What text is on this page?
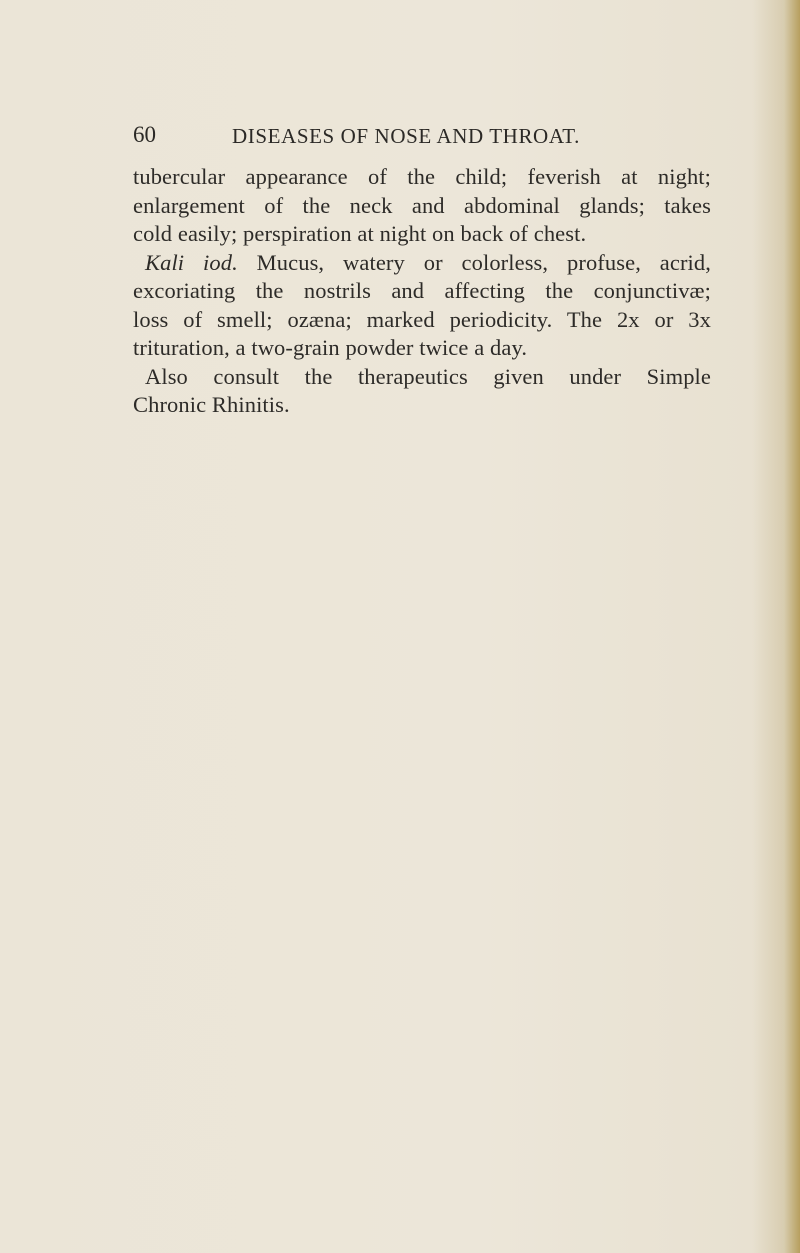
60	DISEASES OF NOSE AND THROAT.
tubercular appearance of the child; feverish at night;
enlargement of the neck and abdominal glands; takes
cold easily; perspiration at night on back of chest.
Kali iod. Mucus, watery or colorless, profuse, acrid,
excoriating the nostrils and affecting the conjunctivæ;
loss of smell; ozæna; marked periodicity. The 2x or 3x
trituration, a two-grain powder twice a day.
Also consult the therapeutics given under Simple
Chronic Rhinitis.
